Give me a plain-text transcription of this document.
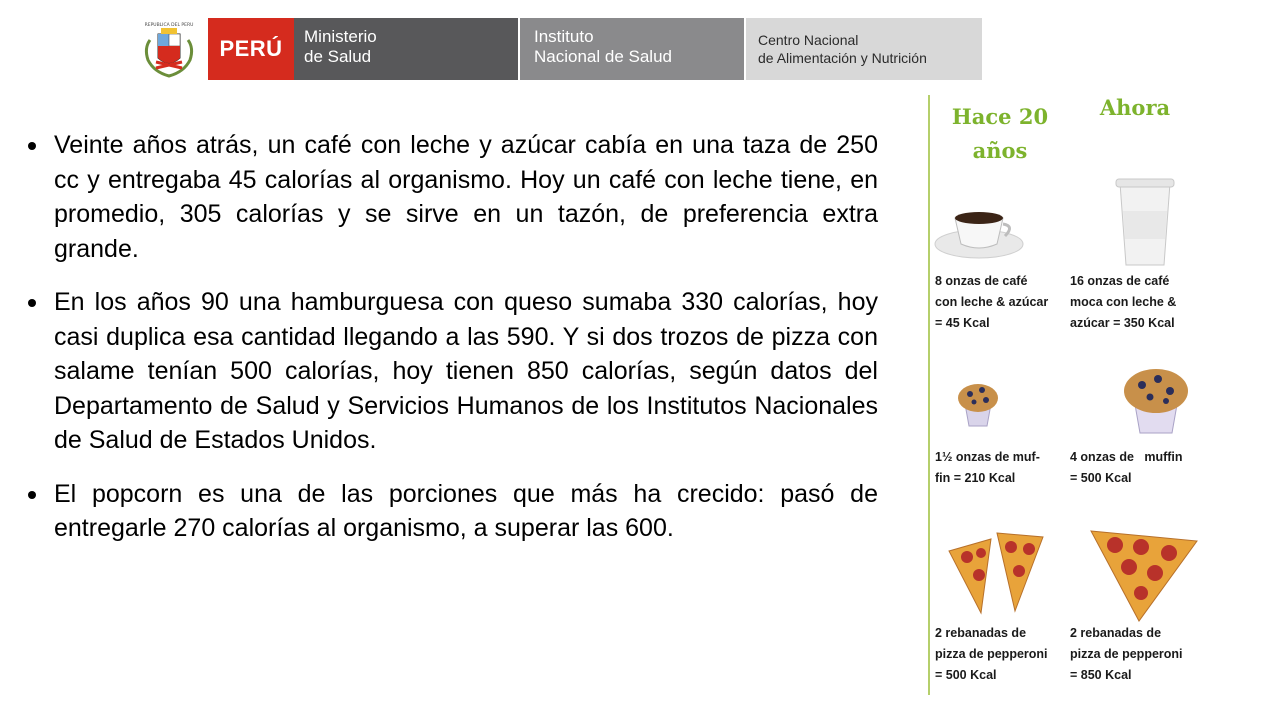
REPUBLICA DEL PERU
PERÚ	Ministerio
de Salud
Instituto
Nacional de Salud
Centro Nacional
de Alimentación y Nutrición

Veinte años atrás, un café con leche y azúcar cabía en una taza de 250 cc y entregaba 45 calorías al organismo. Hoy un café con leche tiene, en promedio, 305 calorías y se sirve en un tazón, de preferencia extra grande.

En los años 90 una hamburguesa con queso sumaba 330 calorías, hoy casi duplica esa cantidad llegando a las 590. Y si dos trozos de pizza con salame tenían 500 calorías, hoy tienen 850 calorías, según datos del Departamento de Salud y Servicios Humanos de los Institutos Nacionales de Salud de Estados Unidos.

El popcorn es una de las porciones que más ha crecido: pasó de entregarle 270 calorías al organismo, a superar las 600.

Hace 20
años
Ahora
8 onzas de café
con leche & azúcar
= 45 Kcal
16 onzas de café
moca con leche &
azúcar = 350 Kcal
1½ onzas de muf-
fin = 210 Kcal
4 onzas de   muffin
= 500 Kcal
2 rebanadas de
pizza de pepperoni
= 500 Kcal
2 rebanadas de
pizza de pepperoni
= 850 Kcal
